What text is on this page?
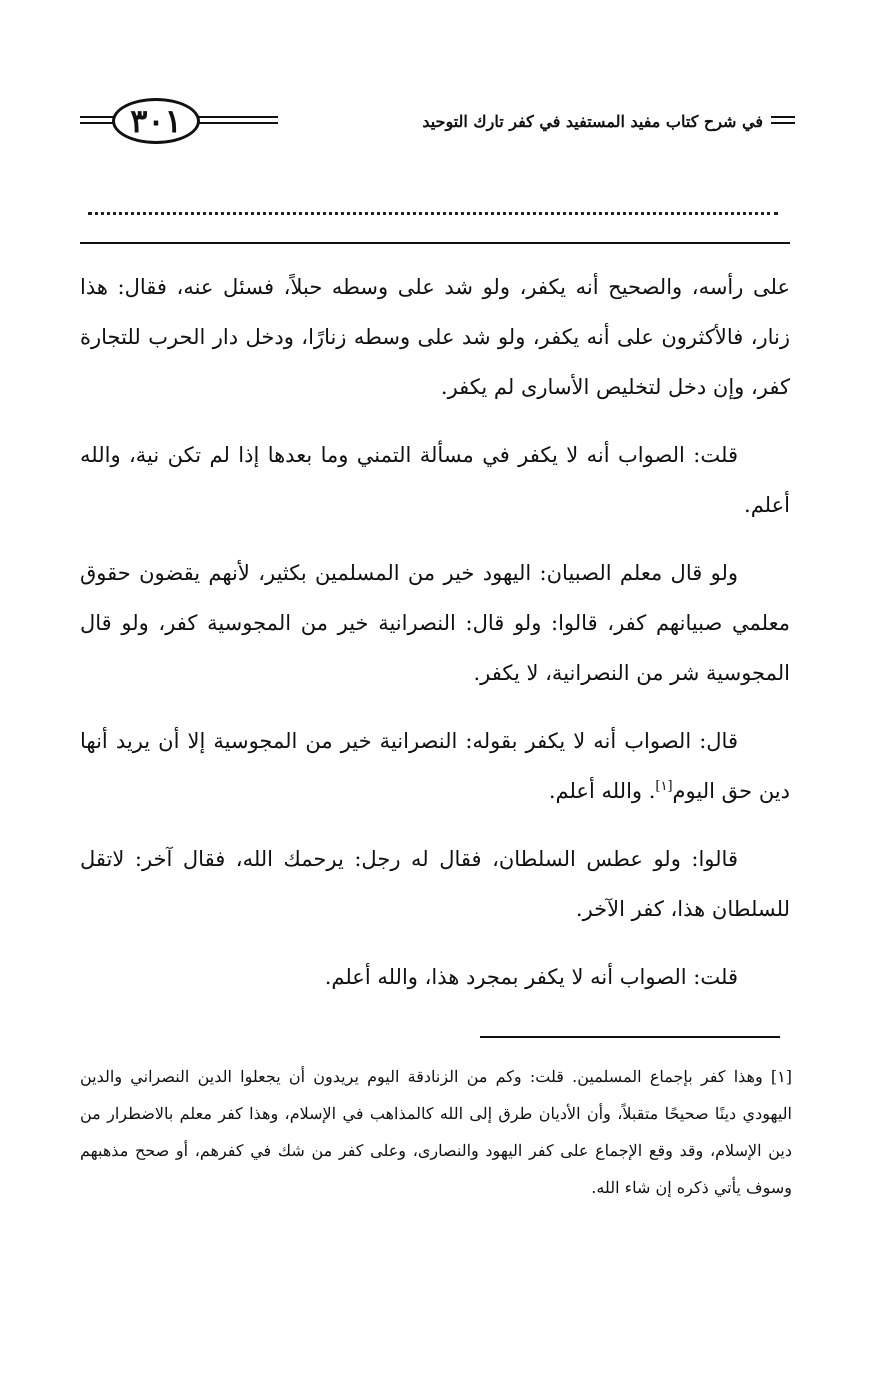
٣٠١	في شرح كتاب مفيد المستفيد في كفر تارك التوحيد

على رأسه، والصحيح أنه يكفر، ولو شد على وسطه حبلاً، فسئل عنه، فقال: هذا زنار، فالأكثرون على أنه يكفر، ولو شد على وسطه زنارًا، ودخل دار الحرب للتجارة كفر، وإن دخل لتخليص الأسارى لم يكفر.

قلت: الصواب أنه لا يكفر في مسألة التمني وما بعدها إذا لم تكن نية، والله أعلم.

ولو قال معلم الصبيان: اليهود خير من المسلمين بكثير، لأنهم يقضون حقوق معلمي صبيانهم كفر، قالوا: ولو قال: النصرانية خير من المجوسية كفر، ولو قال المجوسية شر من النصرانية، لا يكفر.

قال: الصواب أنه لا يكفر بقوله: النصرانية خير من المجوسية إلا أن يريد أنها دين حق اليوم[١]. والله أعلم.

قالوا: ولو عطس السلطان، فقال له رجل: يرحمك الله، فقال آخر: لاتقل للسلطان هذا، كفر الآخر.

قلت: الصواب أنه لا يكفر بمجرد هذا، والله أعلم.

[١] وهذا كفر بإجماع المسلمين. قلت: وكم من الزنادقة اليوم يريدون أن يجعلوا الدين النصراني والدين اليهودي دينًا صحيحًا متقبلاً، وأن الأديان طرق إلى الله كالمذاهب في الإسلام، وهذا كفر معلم بالاضطرار من دين الإسلام، وقد وقع الإجماع على كفر اليهود والنصارى، وعلى كفر من شك في كفرهم، أو صحح مذهبهم وسوف يأتي ذكره إن شاء الله.
